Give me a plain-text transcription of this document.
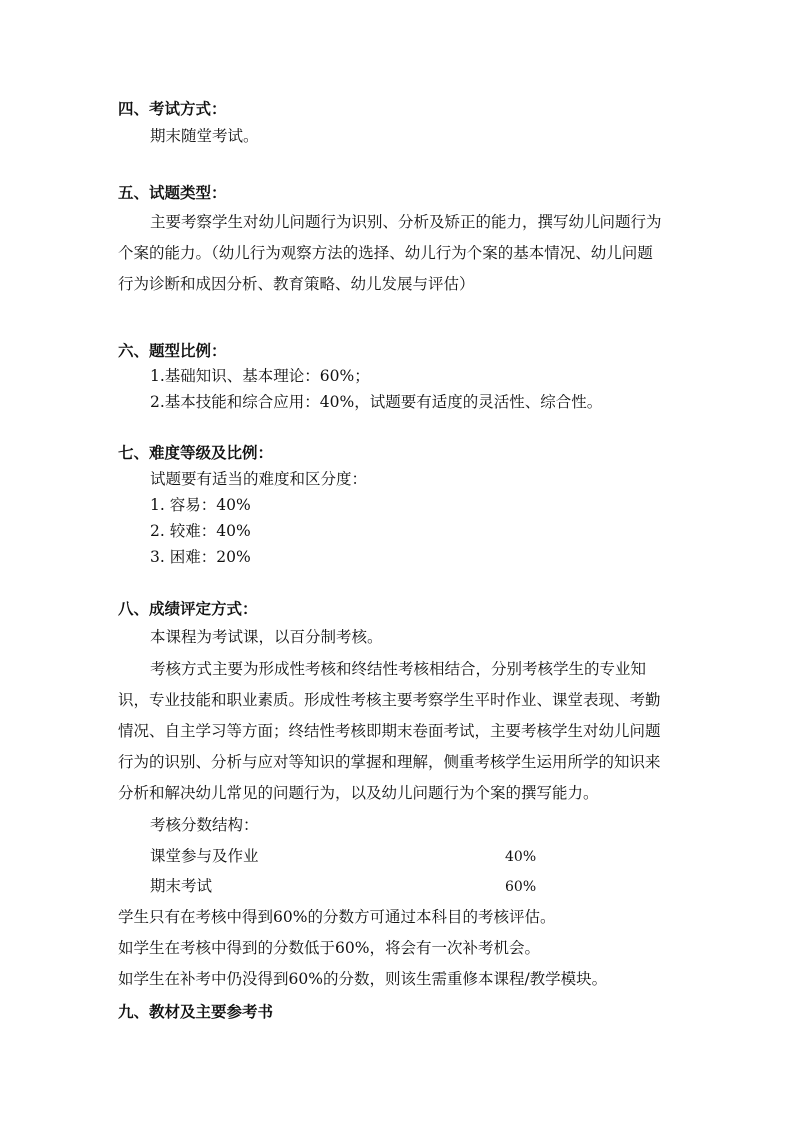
四、考试方式：
期末随堂考试。
五、试题类型：
主要考察学生对幼儿问题行为识别、分析及矫正的能力，撰写幼儿问题行为
个案的能力。（幼儿行为观察方法的选择、幼儿行为个案的基本情况、幼儿问题
行为诊断和成因分析、教育策略、幼儿发展与评估）
六、题型比例：
1.基础知识、基本理论：60%；
2.基本技能和综合应用：40%，试题要有适度的灵活性、综合性。
七、难度等级及比例：
试题要有适当的难度和区分度：
1. 容易：40%
2. 较难：40%
3. 困难：20%
八、成绩评定方式：
本课程为考试课，以百分制考核。
考核方式主要为形成性考核和终结性考核相结合，分别考核学生的专业知
识，专业技能和职业素质。形成性考核主要考察学生平时作业、课堂表现、考勤
情况、自主学习等方面；终结性考核即期末卷面考试，主要考核学生对幼儿问题
行为的识别、分析与应对等知识的掌握和理解，侧重考核学生运用所学的知识来
分析和解决幼儿常见的问题行为，以及幼儿问题行为个案的撰写能力。
考核分数结构：
课堂参与及作业	40%
期末考试	60%
学生只有在考核中得到60%的分数方可通过本科目的考核评估。
如学生在考核中得到的分数低于60%，将会有一次补考机会。
如学生在补考中仍没得到60%的分数，则该生需重修本课程/教学模块。
九、教材及主要参考书
